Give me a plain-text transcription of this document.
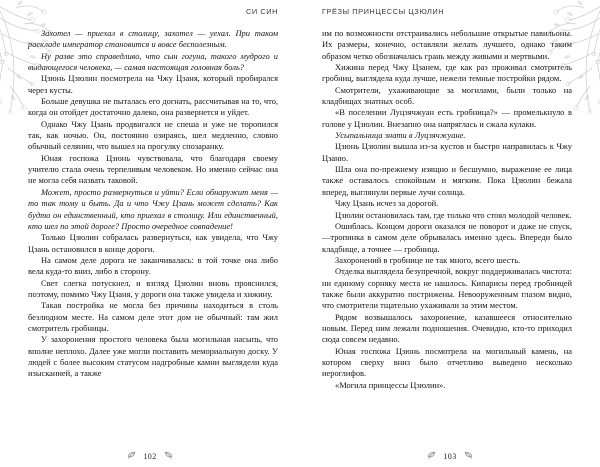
СИ СИН

Захотел — приехал в столицу, захотел — уехал. При таком раскладе император становится и вовсе бесполезным.

Ну разве это справедливо, что сын гогуна, такого мудрого и выдающегося человека, — самая настоящая головная боль?

Цзюнь Цзюлин посмотрела на Чжу Цзаня, который пробирался через кусты.

Больше девушка не пыталась его догнать, рассчитывая на то, что, когда он отойдет достаточно далеко, она развернется и уйдет.

Однако Чжу Цзань продвигался не спеша и уже не торопился так, как ночью. Он, постоянно озираясь, шел медленно, словно обычный селянин, что вышел на прогулку спозаранку.

Юная госпожа Цзюнь чувствовала, что благодаря своему учителю стала очень терпеливым человеком. Но именно сейчас она не могла себя назвать таковой.

Может, просто развернуться и уйти? Если обнаружит меня — то так тому и быть. Да и что Чжу Цзань может сделать? Как будто он единственный, кто приехал в столицу. Или единственный, кто шел по этой дороге? Просто очередное совпадение!

Только Цзюлин собралась развернуться, как увидела, что Чжу Цзань остановился в конце дороги.

На самом деле дорога не заканчивалась: в той точке она либо вела куда-то вниз, либо в сторону.

Свет слегка потускнел, и взгляд Цзюлин вновь прояснился, поэтому, помимо Чжу Цзаня, у дороги она также увидела и хижину.

Такая постройка не могла без причины находиться в столь безлюдном месте. На самом деле этот дом не обычный: там жил смотритель гробницы.

У захоронения простого человека была могильная насыпь, что вполне неплохо. Далее уже могли поставить мемориальную доску. У людей с более высоким статусом надгробные камни выглядели куда изысканней, а также

102
ГРЁЗЫ ПРИНЦЕССЫ ЦЗЮЛИН

им по возможности отстраивались небольшие открытые павильоны. Их размеры, конечно, оставляли желать лучшего, однако таким образом четко обозначалась грань между живыми и мертвыми.

Хижина перед Чжу Цзанем, где как раз проживал смотритель гробниц, выглядела куда лучше, нежели темные постройки рядом.

Смотрители, ухаживающие за могилами, были только на кладбищах знатных особ.

«В поселении Луцзячжуан есть гробница?» — промелькнуло в голове у Цзюлин. Внезапно она напряглась и сжала кулаки.

Усыпальница знати в Луцзячжуане.

Цзюнь Цзюлин вышла из-за кустов и быстро направилась к Чжу Цзаню.

Шла она по-прежнему изящно и бесшумно, выражение ее лица также оставалось спокойным и мягким. Пока Цзюлин бежала вперед, выглянули первые лучи солнца.

Чжу Цзань исчез за дорогой.

Цзюлин остановилась там, где только что стоял молодой человек.

Ошиблась. Концом дороги оказался не поворот и даже не спуск,—тропинка в самом деле обрывалась именно здесь. Впереди было кладбище, а точнее — гробница.

Захоронений в гробнице не так много, всего шесть.

Отделка выглядела безупречной, вокруг поддерживалась чистота: ни единому сорняку места не нашлось. Кипарисы перед гробницей также были аккуратно пострижены. Невооруженным глазом видно, что смотрители тщательно ухаживали за этим местом.

Рядом возвышалось захоронение, казавшееся относительно новым. Перед ним лежали подношения. Очевидно, кто-то приходил сюда совсем недавно.

Юная госпожа Цзюнь посмотрела на могильный камень, на котором сверху вниз было отчетливо выведено несколько иероглифов.

«Могила принцессы Цзюлин».

103
